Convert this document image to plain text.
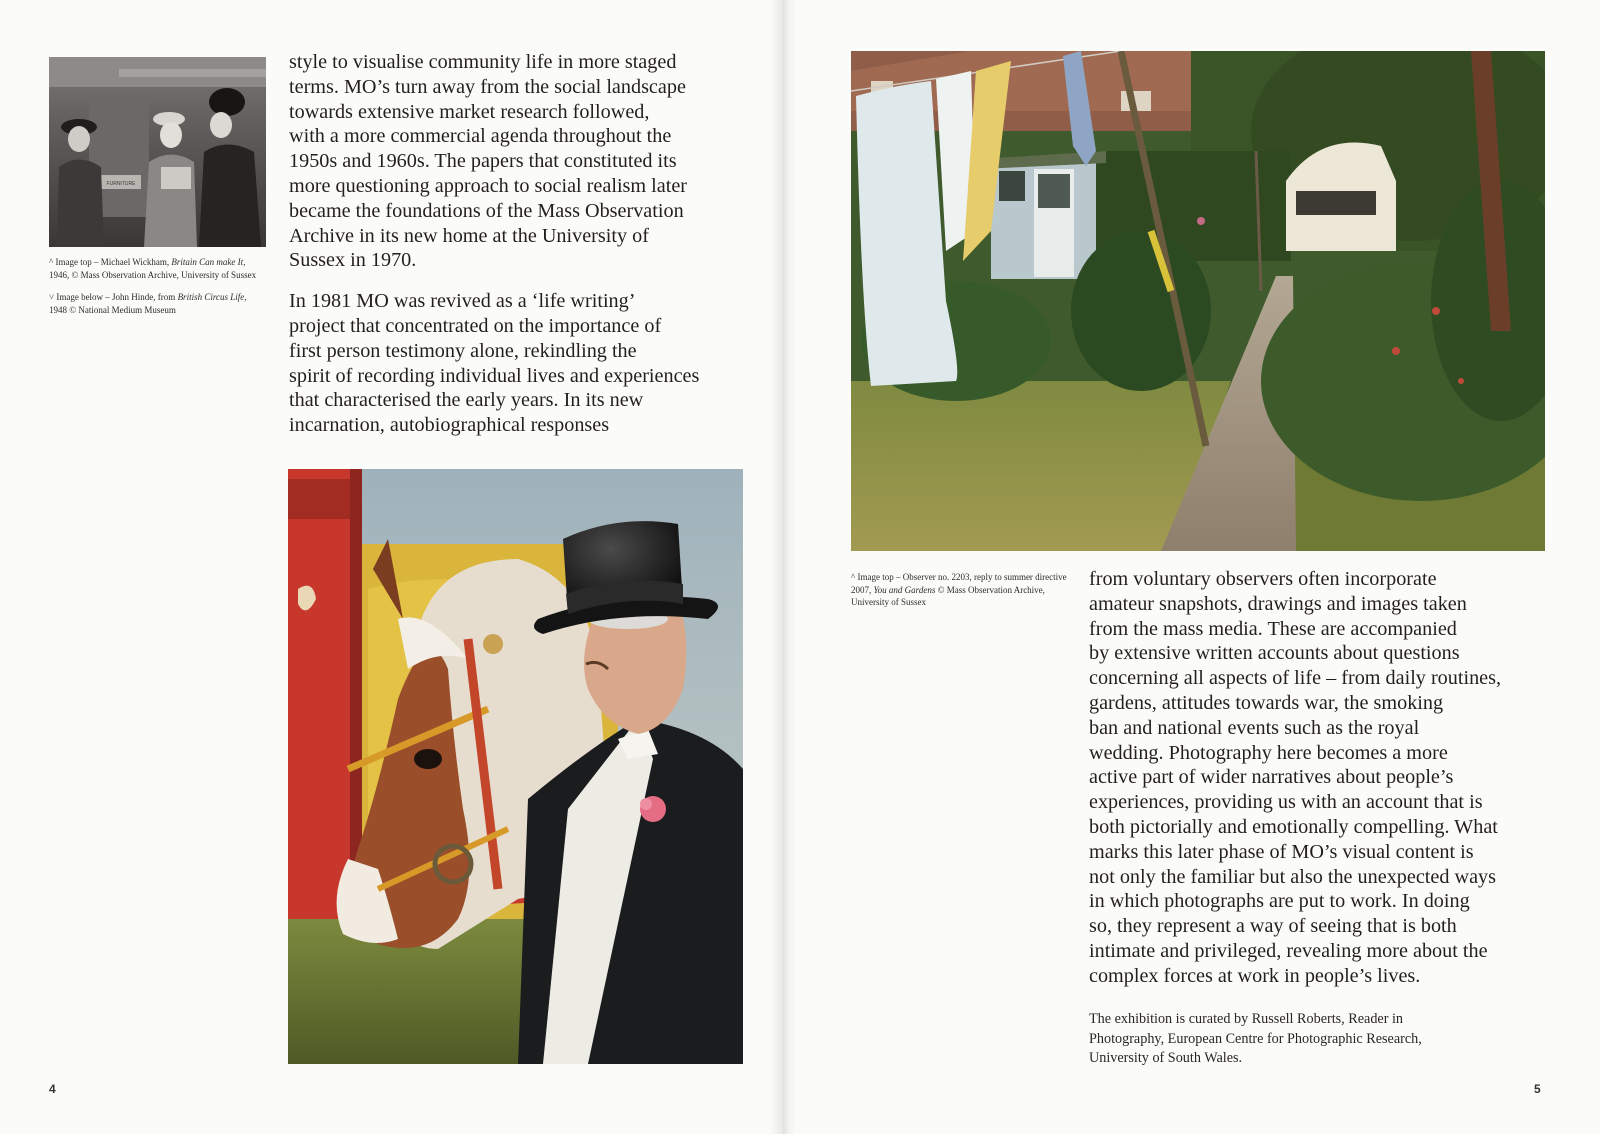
FURNITURE

^ Image top – Michael Wickham, Britain Can make It, 1946, © Mass Observation Archive, University of Sussex

˅ Image below – John Hinde, from British Circus Life, 1948 © National Medium Museum

style to visualise community life in more staged
terms. MO’s turn away from the social landscape
towards extensive market research followed,
with a more commercial agenda throughout the
1950s and 1960s. The papers that constituted its
more questioning approach to social realism later
became the foundations of the Mass Observation
Archive in its new home at the University of
Sussex in 1970.

In 1981 MO was revived as a ‘life writing’
project that concentrated on the importance of
first person testimony alone, rekindling the
spirit of recording individual lives and experiences
that characterised the early years. In its new
incarnation, autobiographical responses

4

^ Image top – Observer no. 2203, reply to summer directive 2007, You and Gardens © Mass Observation Archive, University of Sussex

from voluntary observers often incorporate
amateur snapshots, drawings and images taken
from the mass media. These are accompanied
by extensive written accounts about questions
concerning all aspects of life – from daily routines,
gardens, attitudes towards war, the smoking
ban and national events such as the royal
wedding. Photography here becomes a more
active part of wider narratives about people’s
experiences, providing us with an account that is
both pictorially and emotionally compelling. What
marks this later phase of MO’s visual content is
not only the familiar but also the unexpected ways
in which photographs are put to work. In doing
so, they represent a way of seeing that is both
intimate and privileged, revealing more about the
complex forces at work in people’s lives.

The exhibition is curated by Russell Roberts, Reader in
Photography, European Centre for Photographic Research,
University of South Wales.
5
